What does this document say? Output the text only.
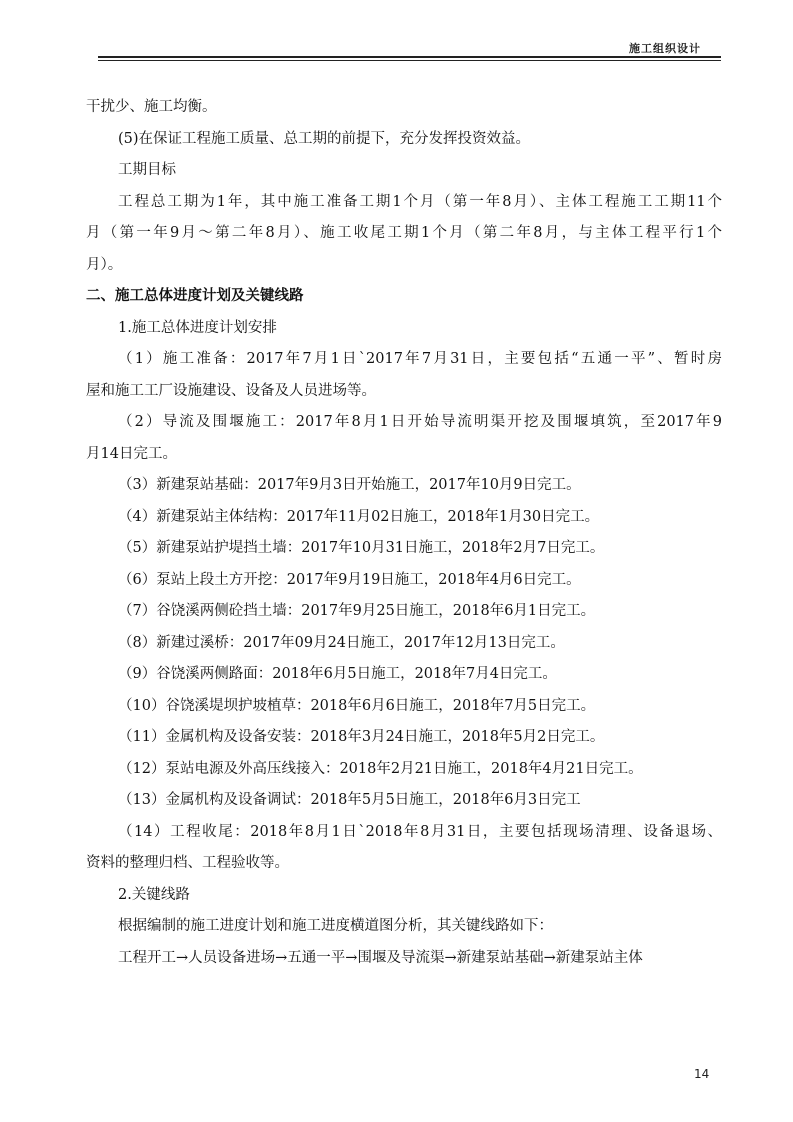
施工组织设计
干扰少、施工均衡。
(5)在保证工程施工质量、总工期的前提下，充分发挥投资效益。
工期目标
工程总工期为1年，其中施工准备工期1个月（第一年8月）、主体工程施工工期11个
月（第一年9月～第二年8月）、施工收尾工期1个月（第二年8月，与主体工程平行1个
月）。
二、施工总体进度计划及关键线路
1.施工总体进度计划安排
（1）施工准备：2017年7月1日`2017年7月31日，主要包括“五通一平”、暂时房
屋和施工工厂设施建设、设备及人员进场等。
（2）导流及围堰施工：2017年8月1日开始导流明渠开挖及围堰填筑，至2017年9
月14日完工。
（3）新建泵站基础：2017年9月3日开始施工，2017年10月9日完工。
（4）新建泵站主体结构：2017年11月02日施工，2018年1月30日完工。
（5）新建泵站护堤挡土墙：2017年10月31日施工，2018年2月7日完工。
（6）泵站上段土方开挖：2017年9月19日施工，2018年4月6日完工。
（7）谷饶溪两侧砼挡土墙：2017年9月25日施工，2018年6月1日完工。
（8）新建过溪桥：2017年09月24日施工，2017年12月13日完工。
（9）谷饶溪两侧路面：2018年6月5日施工，2018年7月4日完工。
（10）谷饶溪堤坝护坡植草：2018年6月6日施工，2018年7月5日完工。
（11）金属机构及设备安装：2018年3月24日施工，2018年5月2日完工。
（12）泵站电源及外高压线接入：2018年2月21日施工，2018年4月21日完工。
（13）金属机构及设备调试：2018年5月5日施工，2018年6月3日完工
（14）工程收尾：2018年8月1日`2018年8月31日，主要包括现场清理、设备退场、
资料的整理归档、工程验收等。
2.关键线路
根据编制的施工进度计划和施工进度横道图分析，其关键线路如下：
工程开工→人员设备进场→五通一平→围堰及导流渠→新建泵站基础→新建泵站主体
14
